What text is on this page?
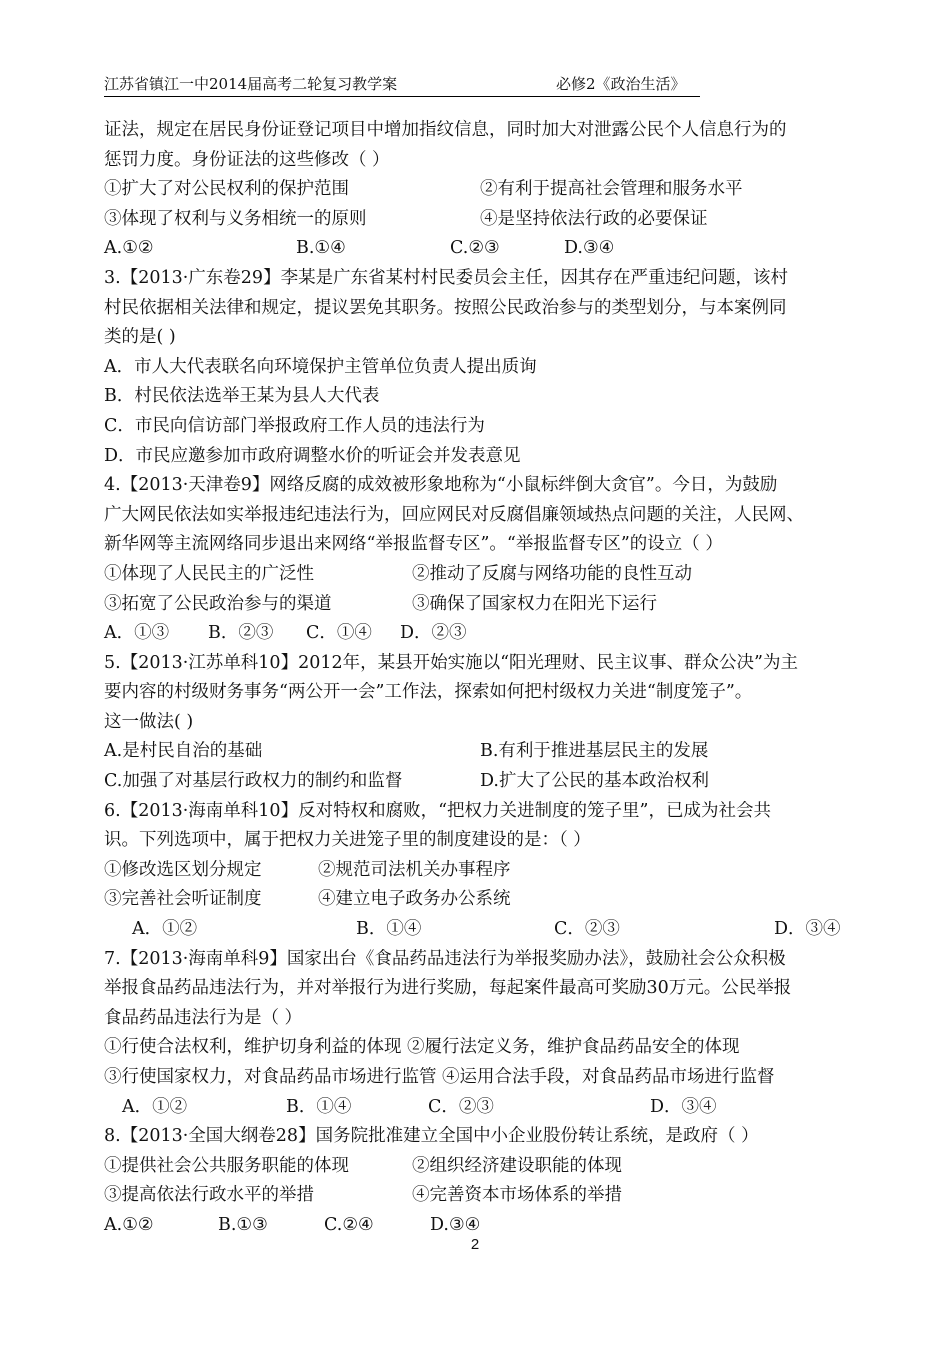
江苏省镇江一中2014届高考二轮复习教学案	必修2《政治生活》
证法，规定在居民身份证登记项目中增加指纹信息，同时加大对泄露公民个人信息行为的
惩罚力度。身份证法的这些修改（ ）
①扩大了对公民权利的保护范围	②有利于提高社会管理和服务水平
③体现了权利与义务相统一的原则	④是坚持依法行政的必要保证
A.①②	B.①④	C.②③	D.③④
3.【2013·广东卷29】李某是广东省某村村民委员会主任，因其存在严重违纪问题，该村
村民依据相关法律和规定，提议罢免其职务。按照公民政治参与的类型划分，与本案例同
类的是( )
A．市人大代表联名向环境保护主管单位负责人提出质询
B．村民依法选举王某为县人大代表
C．市民向信访部门举报政府工作人员的违法行为
D．市民应邀参加市政府调整水价的听证会并发表意见
4.【2013·天津卷9】网络反腐的成效被形象地称为“小鼠标绊倒大贪官”。今日，为鼓励
广大网民依法如实举报违纪违法行为，回应网民对反腐倡廉领域热点问题的关注，人民网、
新华网等主流网络同步退出来网络“举报监督专区”。“举报监督专区”的设立（ ）
①体现了人民民主的广泛性	②推动了反腐与网络功能的良性互动
③拓宽了公民政治参与的渠道	③确保了国家权力在阳光下运行
A．①③ B．②③ C．①④ D．②③
5.【2013·江苏单科10】2012年，某县开始实施以“阳光理财、民主议事、群众公决”为主
要内容的村级财务事务“两公开一会”工作法，探索如何把村级权力关进“制度笼子”。
这一做法( )
A.是村民自治的基础	B.有利于推进基层民主的发展
C.加强了对基层行政权力的制约和监督	D.扩大了公民的基本政治权利
6.【2013·海南单科10】反对特权和腐败，“把权力关进制度的笼子里”，已成为社会共
识。下列选项中，属于把权力关进笼子里的制度建设的是：（ ）
①修改选区划分规定	②规范司法机关办事程序
③完善社会听证制度	④建立电子政务办公系统
A．①②	B．①④	C．②③	D．③④
7.【2013·海南单科9】国家出台《食品药品违法行为举报奖励办法》，鼓励社会公众积极
举报食品药品违法行为，并对举报行为进行奖励，每起案件最高可奖励30万元。公民举报
食品药品违法行为是（ ）
①行使合法权利，维护切身利益的体现 ②履行法定义务，维护食品药品安全的体现
③行使国家权力，对食品药品市场进行监管 ④运用合法手段，对食品药品市场进行监督
A．①②	B．①④	C．②③	D．③④
8.【2013·全国大纲卷28】国务院批准建立全国中小企业股份转让系统，是政府（ ）
①提供社会公共服务职能的体现	②组织经济建设职能的体现
③提高依法行政水平的举措	④完善资本市场体系的举措
A.①②	B.①③	C.②④	D.③④
2
